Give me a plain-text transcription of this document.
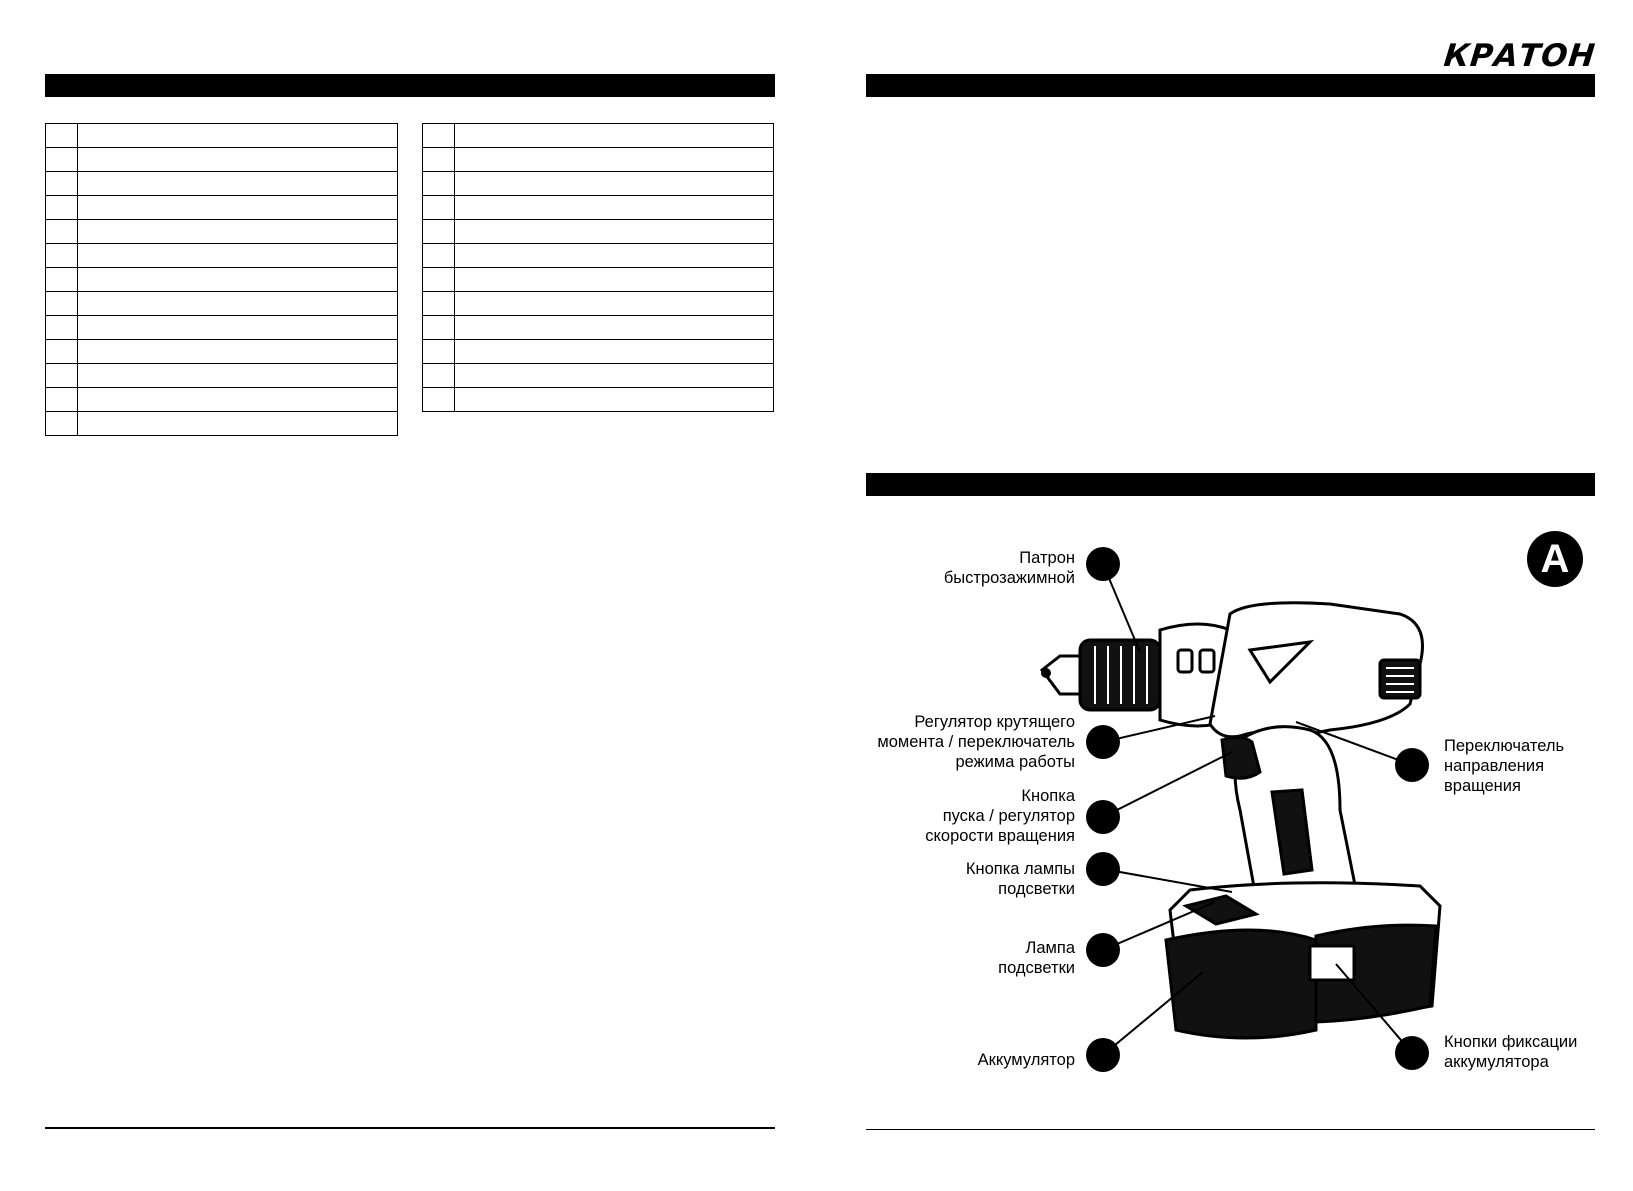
КРАТОН

A
Патрон
быстрозажимной
Регулятор крутящего
момента / переключатель
режима работы
Кнопка
пуска / регулятор
скорости вращения
Кнопка лампы
подсветки
Лампа
подсветки
Аккумулятор
Переключатель
направления
вращения
Кнопки фиксации
аккумулятора
